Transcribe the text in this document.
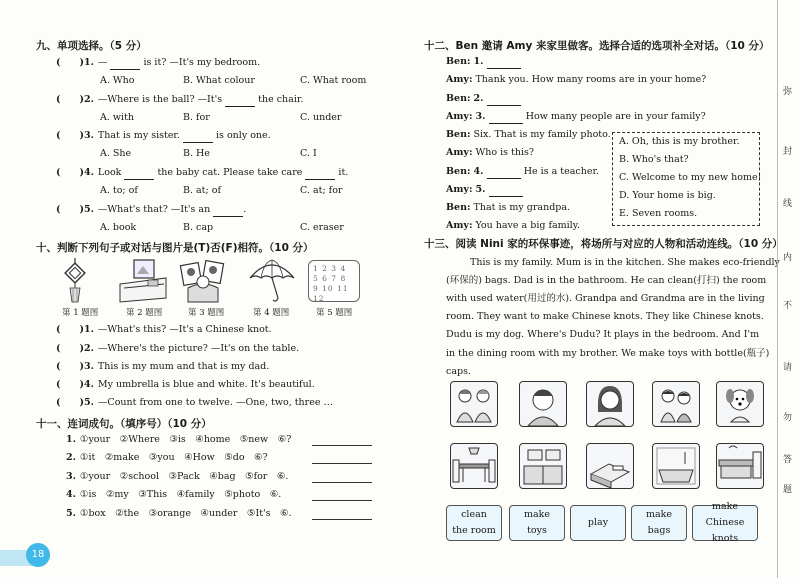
九、单项选择。（5 分）
(　　)1. —	is it? —It's my bedroom.
A. Who	B. What colour	C. What room
(　　)2. —Where is the ball? —It's	the chair.
A. with	B. for	C. under
(　　)3. That is my sister.	is only one.
A. She	B. He	C. I
(　　)4. Look	the baby cat. Please take care	it.
A. to; of	B. at; of	C. at; for
(　　)5. —What's that? —It's an	.
A. book	B. cap	C. eraser
十、判断下列句子或对话与图片是(T)否(F)相符。（10 分）
1 2 3 4 5 6 7 8 9 10 11 12
第 1 题图	第 2 题图	第 3 题图	第 4 题图	第 5 题图
(　　)1. —What's this? —It's a Chinese knot.
(　　)2. —Where's the picture? —It's on the table.
(　　)3. This is my mum and that is my dad.
(　　)4. My umbrella is blue and white. It's beautiful.
(　　)5. —Count from one to twelve. —One, two, three …
十一、连词成句。（填序号）（10 分）
1. ①your　②Where　③is　④home　⑤new　⑥?
2. ①it　②make　③you　④How　⑤do　⑥?
3. ①your　②school　③Pack　④bag　⑤for　⑥.
4. ①is　②my　③This　④family　⑤photo　⑥.
5. ①box　②the　③orange　④under　⑤It's　⑥.
十二、Ben 邀请 Amy 来家里做客。选择合适的选项补全对话。（10 分）
Ben: 1.
Amy: Thank you. How many rooms are in your home?
Ben: 2.
Amy: 3.	How many people are in your family?
Ben: Six. That is my family photo.
Amy: Who is this?
Ben: 4.	He is a teacher.
Amy: 5.
Ben: That is my grandpa.
Amy: You have a big family.
A. Oh, this is my brother.
B. Who's that?
C. Welcome to my new home!
D. Your home is big.
E. Seven rooms.
十三、阅读 Nini 家的环保事迹，将场所与对应的人物和活动连线。（10 分）
This is my family. Mum is in the kitchen. She makes eco-friendly
(环保的) bags. Dad is in the bathroom. He can clean(打扫) the room
with used water(用过的水). Grandpa and Grandma are in the living
room. They want to make Chinese knots. They like Chinese knots.
Dudu is my dog. Where's Dudu? It plays in the bedroom. And I'm
in the dining room with my brother. We make toys with bottle(瓶子)
caps.
clean
the room
make
toys
play
make
bags
make
Chinese knots
弥
封
线
内
不
请
勿
答
题
18
